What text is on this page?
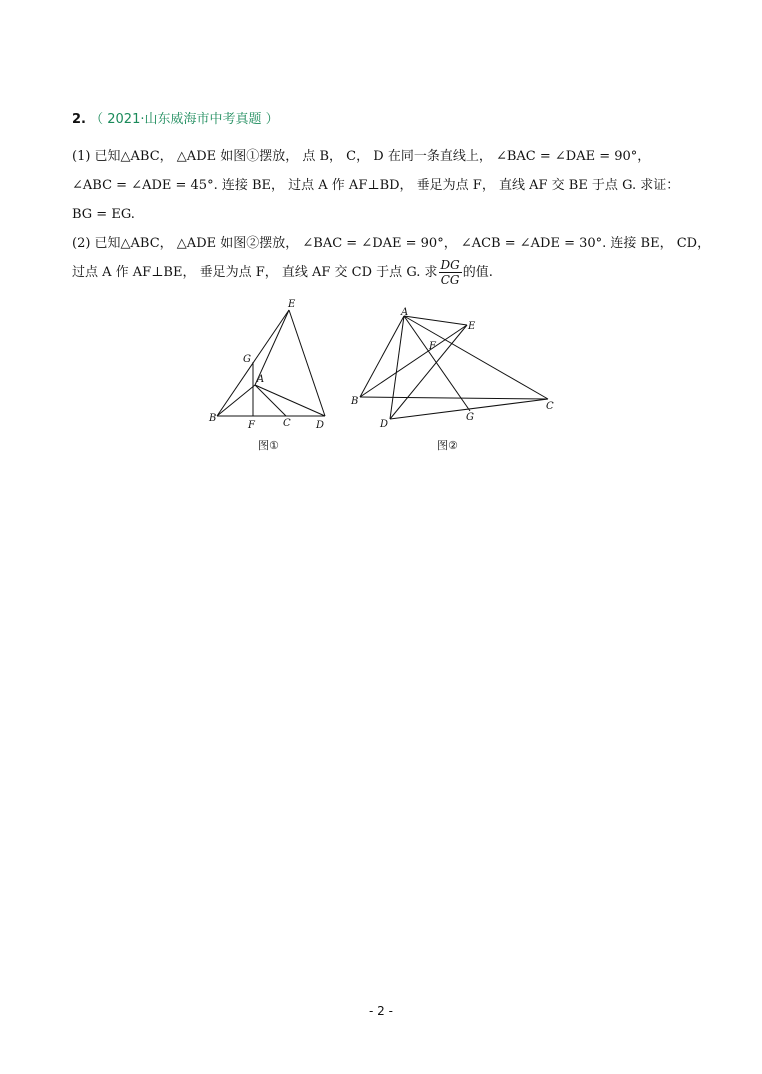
2. （ 2021·山东威海市中考真题 ）
(1) 已知△ABC， △ADE 如图①摆放， 点 B， C， D 在同一条直线上， ∠BAC = ∠DAE = 90°，
∠ABC = ∠ADE = 45°. 连接 BE， 过点 A 作 AF⊥BD， 垂足为点 F， 直线 AF 交 BE 于点 G. 求证：
BG = EG.
(2) 已知△ABC， △ADE 如图②摆放， ∠BAC = ∠DAE = 90°， ∠ACB = ∠ADE = 30°. 连接 BE， CD，
过点 A 作 AF⊥BE， 垂足为点 F， 直线 AF 交 CD 于点 G. 求 $\frac{DG}{CG}$ 的值.
E
G
A
B
F	C	D
图①
A
E
F
B	C
D
G
图②
- 2 -
